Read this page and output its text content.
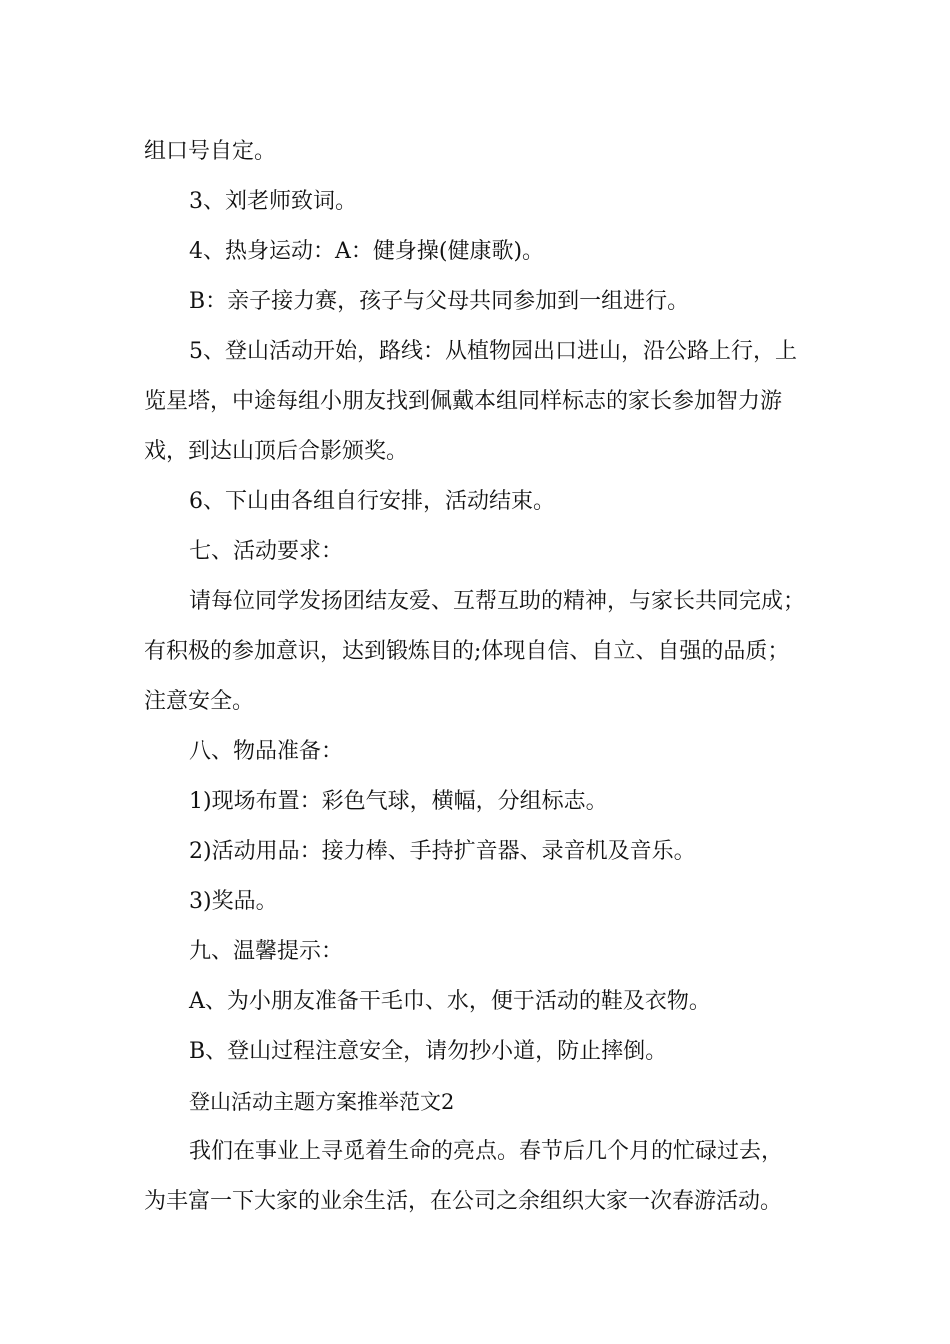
组口号自定。
3、刘老师致词。
4、热身运动：A：健身操(健康歌)。
B：亲子接力赛，孩子与父母共同参加到一组进行。
5、登山活动开始，路线：从植物园出口进山，沿公路上行，上
览星塔，中途每组小朋友找到佩戴本组同样标志的家长参加智力游
戏，到达山顶后合影颁奖。
6、下山由各组自行安排，活动结束。
七、活动要求：
请每位同学发扬团结友爱、互帮互助的精神，与家长共同完成；
有积极的参加意识，达到锻炼目的;体现自信、自立、自强的品质；
注意安全。
八、物品准备：
1)现场布置：彩色气球，横幅，分组标志。
2)活动用品：接力棒、手持扩音器、录音机及音乐。
3)奖品。
九、温馨提示：
A、为小朋友准备干毛巾、水，便于活动的鞋及衣物。
B、登山过程注意安全，请勿抄小道，防止摔倒。
登山活动主题方案推举范文2
我们在事业上寻觅着生命的亮点。春节后几个月的忙碌过去，
为丰富一下大家的业余生活，在公司之余组织大家一次春游活动。
